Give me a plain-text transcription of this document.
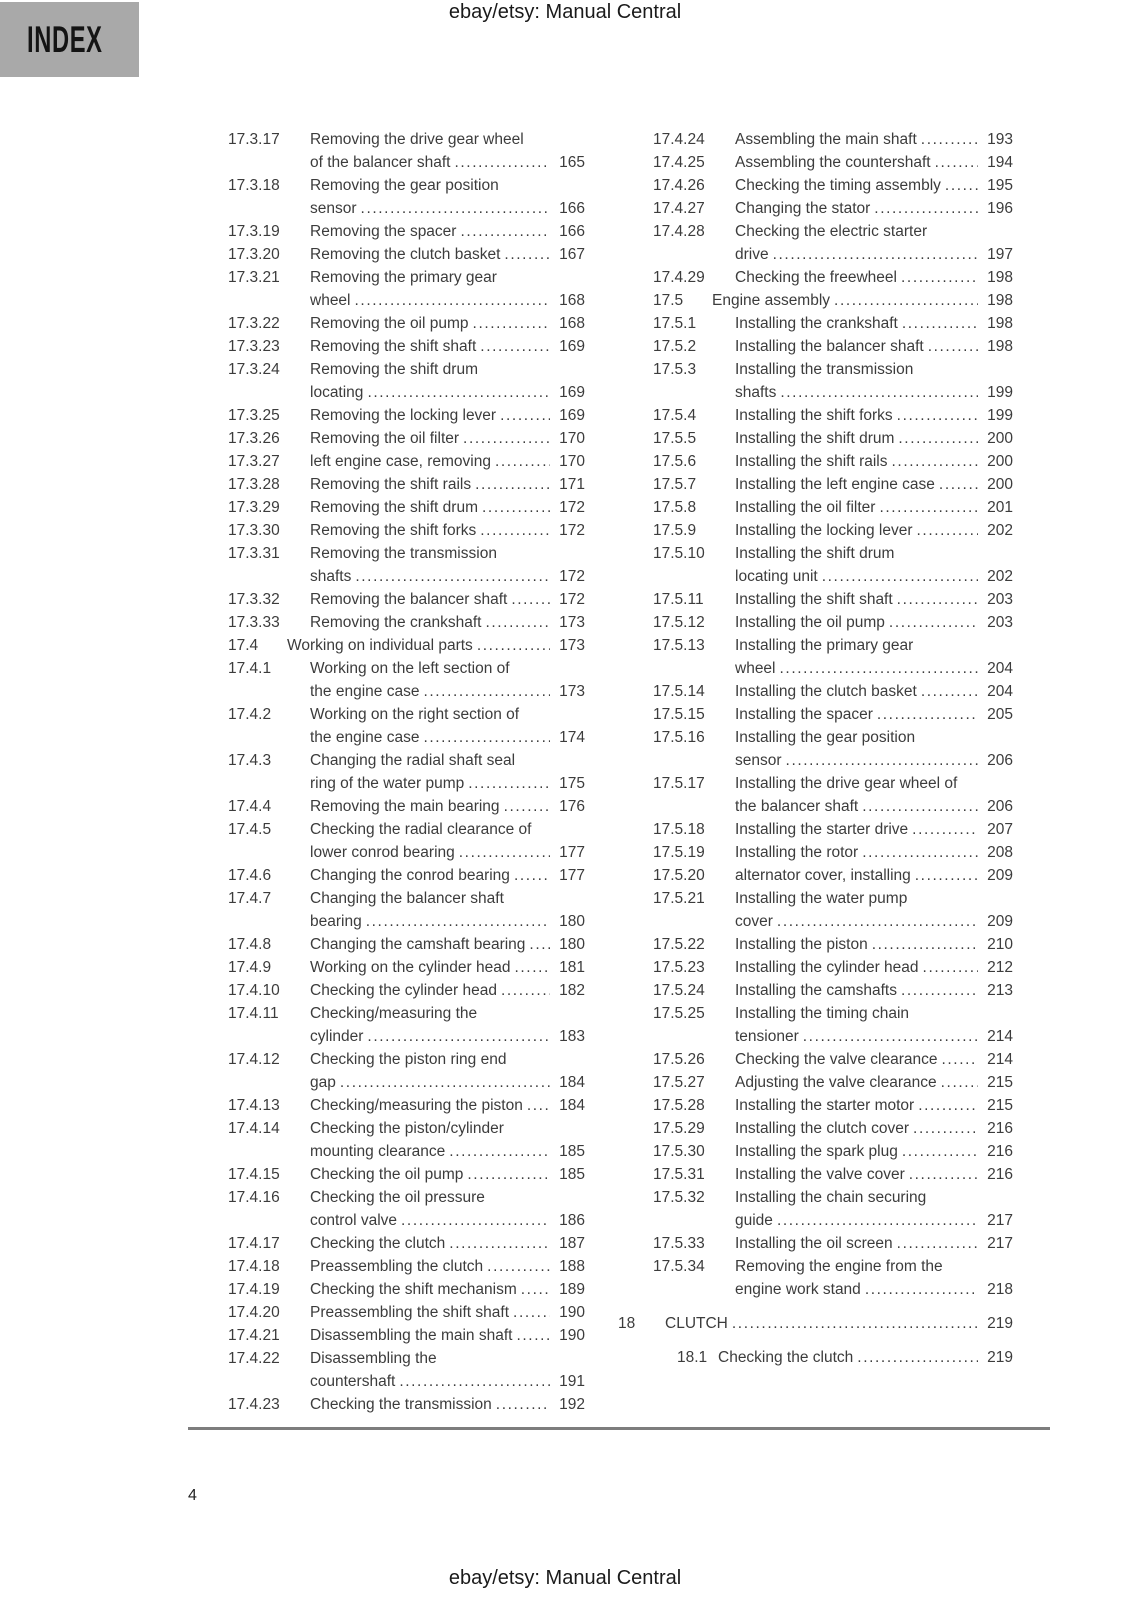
INDEX
ebay/etsy: Manual Central
17.3.17	Removing the drive gear wheel
of the balancer shaft .....	165
17.3.18	Removing the gear position
sensor .....	166
17.3.19	Removing the spacer .....	166
17.3.20	Removing the clutch basket .....	167
17.3.21	Removing the primary gear
wheel .....	168
17.3.22	Removing the oil pump .....	168
17.3.23	Removing the shift shaft .....	169
17.3.24	Removing the shift drum
locating .....	169
17.3.25	Removing the locking lever .....	169
17.3.26	Removing the oil filter .....	170
17.3.27	left engine case, removing .....	170
17.3.28	Removing the shift rails .....	171
17.3.29	Removing the shift drum .....	172
17.3.30	Removing the shift forks .....	172
17.3.31	Removing the transmission
shafts .....	172
17.3.32	Removing the balancer shaft .....	172
17.3.33	Removing the crankshaft .....	173
17.4	Working on individual parts .....	173
17.4.1	Working on the left section of
the engine case .....	173
17.4.2	Working on the right section of
the engine case .....	174
17.4.3	Changing the radial shaft seal
ring of the water pump .....	175
17.4.4	Removing the main bearing .....	176
17.4.5	Checking the radial clearance of
lower conrod bearing .....	177
17.4.6	Changing the conrod bearing .....	177
17.4.7	Changing the balancer shaft
bearing .....	180
17.4.8	Changing the camshaft bearing ..... 180
17.4.9	Working on the cylinder head .....	181
17.4.10	Checking the cylinder head .....	182
17.4.11	Checking/measuring the
cylinder .....	183
17.4.12	Checking the piston ring end
gap .....	184
17.4.13	Checking/measuring the piston ..... 184
17.4.14	Checking the piston/cylinder
mounting clearance .....	185
17.4.15	Checking the oil pump .....	185
17.4.16	Checking the oil pressure
control valve .....	186
17.4.17	Checking the clutch .....	187
17.4.18	Preassembling the clutch .....	188
17.4.19	Checking the shift mechanism .....	189
17.4.20	Preassembling the shift shaft .....	190
17.4.21	Disassembling the main shaft .....	190
17.4.22	Disassembling the
countershaft .....	191
17.4.23	Checking the transmission .....	192
17.4.24	Assembling the main shaft .....	193
17.4.25	Assembling the countershaft .....	194
17.4.26	Checking the timing assembly .....	195
17.4.27	Changing the stator .....	196
17.4.28	Checking the electric starter
drive .....	197
17.4.29	Checking the freewheel .....	198
17.5	Engine assembly .....	198
17.5.1	Installing the crankshaft .....	198
17.5.2	Installing the balancer shaft .....	198
17.5.3	Installing the transmission
shafts .....	199
17.5.4	Installing the shift forks .....	199
17.5.5	Installing the shift drum .....	200
17.5.6	Installing the shift rails .....	200
17.5.7	Installing the left engine case .....	200
17.5.8	Installing the oil filter .....	201
17.5.9	Installing the locking lever .....	202
17.5.10	Installing the shift drum
locating unit .....	202
17.5.11	Installing the shift shaft .....	203
17.5.12	Installing the oil pump .....	203
17.5.13	Installing the primary gear
wheel .....	204
17.5.14	Installing the clutch basket .....	204
17.5.15	Installing the spacer .....	205
17.5.16	Installing the gear position
sensor .....	206
17.5.17	Installing the drive gear wheel of
the balancer shaft .....	206
17.5.18	Installing the starter drive .....	207
17.5.19	Installing the rotor .....	208
17.5.20	alternator cover, installing .....	209
17.5.21	Installing the water pump
cover .....	209
17.5.22	Installing the piston .....	210
17.5.23	Installing the cylinder head .....	212
17.5.24	Installing the camshafts .....	213
17.5.25	Installing the timing chain
tensioner .....	214
17.5.26	Checking the valve clearance .....	214
17.5.27	Adjusting the valve clearance .....	215
17.5.28	Installing the starter motor .....	215
17.5.29	Installing the clutch cover .....	216
17.5.30	Installing the spark plug .....	216
17.5.31	Installing the valve cover .....	216
17.5.32	Installing the chain securing
guide .....	217
17.5.33	Installing the oil screen .....	217
17.5.34	Removing the engine from the
engine work stand .....	218
18	CLUTCH .....	219
18.1 Checking the clutch .....	219
4
ebay/etsy: Manual Central
